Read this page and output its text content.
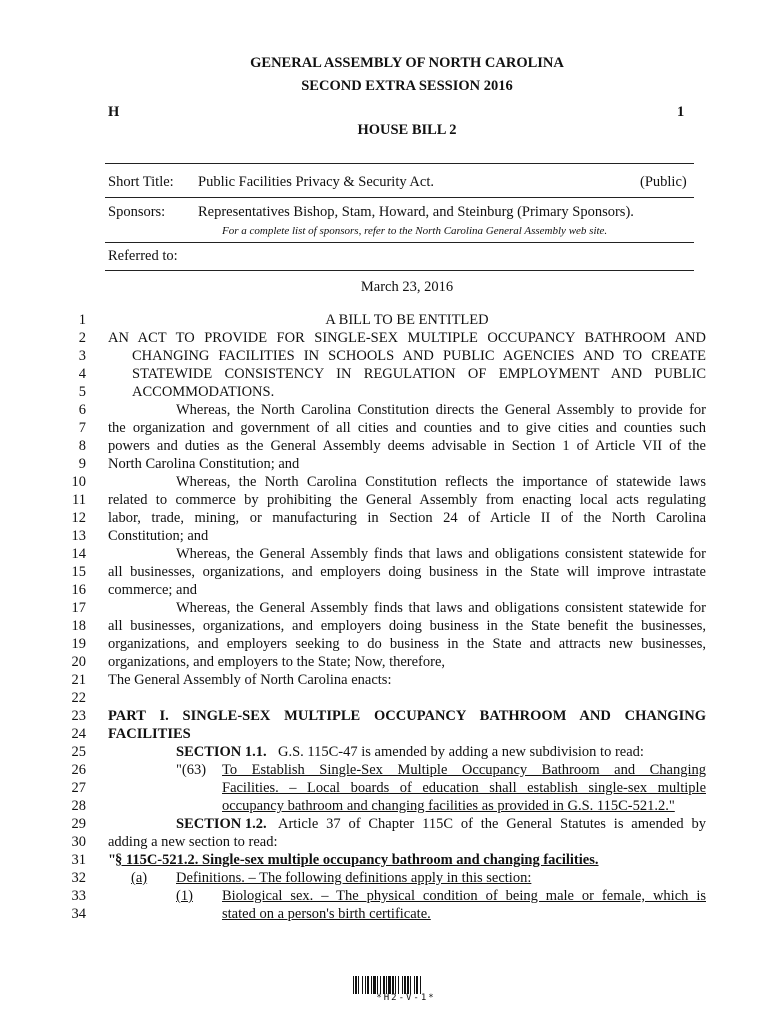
GENERAL ASSEMBLY OF NORTH CAROLINA
SECOND EXTRA SESSION 2016
H	1
HOUSE BILL 2
Short Title: Public Facilities Privacy & Security Act.	(Public)
Sponsors: Representatives Bishop, Stam, Howard, and Steinburg (Primary Sponsors).
For a complete list of sponsors, refer to the North Carolina General Assembly web site.
Referred to:
March 23, 2016
1
2
3
4
5
6
7
8
9
10
11
12
13
14
15
16
17
18
19
20
21
22
23
24
25
26
27
28
29
30
31
32
33
34
A BILL TO BE ENTITLED
AN ACT TO PROVIDE FOR SINGLE-SEX MULTIPLE OCCUPANCY BATHROOM AND
CHANGING FACILITIES IN SCHOOLS AND PUBLIC AGENCIES AND TO CREATE
STATEWIDE CONSISTENCY IN REGULATION OF EMPLOYMENT AND PUBLIC
ACCOMMODATIONS.
Whereas, the North Carolina Constitution directs the General Assembly to provide for
the organization and government of all cities and counties and to give cities and counties such
powers and duties as the General Assembly deems advisable in Section 1 of Article VII of the
North Carolina Constitution; and
Whereas, the North Carolina Constitution reflects the importance of statewide laws
related to commerce by prohibiting the General Assembly from enacting local acts regulating
labor, trade, mining, or manufacturing in Section 24 of Article II of the North Carolina
Constitution; and
Whereas, the General Assembly finds that laws and obligations consistent statewide for
all businesses, organizations, and employers doing business in the State will improve intrastate
commerce; and
Whereas, the General Assembly finds that laws and obligations consistent statewide for
all businesses, organizations, and employers doing business in the State benefit the businesses,
organizations, and employers seeking to do business in the State and attracts new businesses,
organizations, and employers to the State; Now, therefore,
The General Assembly of North Carolina enacts:
PART I. SINGLE-SEX MULTIPLE OCCUPANCY BATHROOM AND CHANGING
FACILITIES
SECTION 1.1. G.S. 115C-47 is amended by adding a new subdivision to read:
"(63) To Establish Single-Sex Multiple Occupancy Bathroom and Changing
Facilities. – Local boards of education shall establish single-sex multiple
occupancy bathroom and changing facilities as provided in G.S. 115C-521.2."
SECTION 1.2. Article 37 of Chapter 115C of the General Statutes is amended by
adding a new section to read:
"
§ 115C-521.2. Single-sex multiple occupancy bathroom and changing facilities.
(a) Definitions. – The following definitions apply in this section:
(1) Biological sex. – The physical condition of being male or female, which is
stated on a person's birth certificate.
*H2-V-1*
